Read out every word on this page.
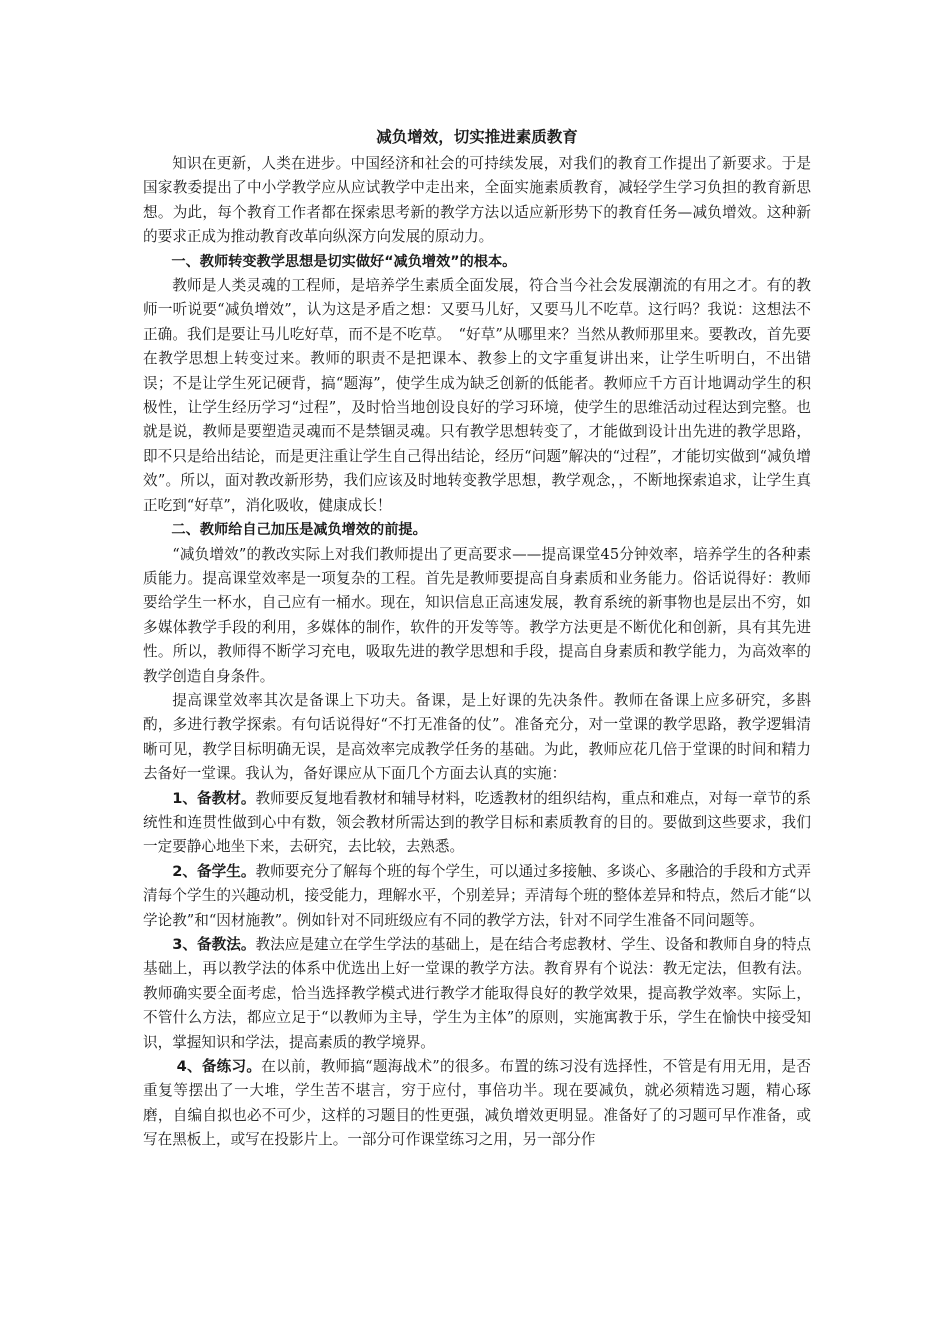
减负增效，切实推进素质教育

知识在更新，人类在进步。中国经济和社会的可持续发展，对我们的教育工作提出了新要求。于是国家教委提出了中小学教学应从应试教学中走出来，全面实施素质教育，减轻学生学习负担的教育新思想。为此，每个教育工作者都在探索思考新的教学方法以适应新形势下的教育任务—减负增效。这种新的要求正成为推动教育改革向纵深方向发展的原动力。

一、教师转变教学思想是切实做好“减负增效”的根本。

教师是人类灵魂的工程师，是培养学生素质全面发展，符合当今社会发展潮流的有用之才。有的教师一听说要“减负增效”，认为这是矛盾之想：又要马儿好，又要马儿不吃草。这行吗？我说：这想法不正确。我们是要让马儿吃好草，而不是不吃草。　“好草”从哪里来？当然从教师那里来。要教改，首先要在教学思想上转变过来。教师的职责不是把课本、教参上的文字重复讲出来，让学生听明白，不出错误；不是让学生死记硬背，搞“题海”，使学生成为缺乏创新的低能者。教师应千方百计地调动学生的积极性，让学生经历学习“过程”，及时恰当地创设良好的学习环境，使学生的思维活动过程达到完整。也就是说，教师是要塑造灵魂而不是禁锢灵魂。只有教学思想转变了，才能做到设计出先进的教学思路，即不只是给出结论，而是更注重让学生自己得出结论，经历“问题”解决的“过程”，才能切实做到“减负增效”。所以，面对教改新形势，我们应该及时地转变教学思想，教学观念，，不断地探索追求，让学生真正吃到“好草”，消化吸收，健康成长！

二、教师给自己加压是减负增效的前提。

“减负增效”的教改实际上对我们教师提出了更高要求——提高课堂45分钟效率，培养学生的各种素质能力。提高课堂效率是一项复杂的工程。首先是教师要提高自身素质和业务能力。俗话说得好：教师要给学生一杯水，自己应有一桶水。现在，知识信息正高速发展，教育系统的新事物也是层出不穷，如多媒体教学手段的利用，多媒体的制作，软件的开发等等。教学方法更是不断优化和创新，具有其先进性。所以，教师得不断学习充电，吸取先进的教学思想和手段，提高自身素质和教学能力，为高效率的教学创造自身条件。

提高课堂效率其次是备课上下功夫。备课，是上好课的先决条件。教师在备课上应多研究，多斟酌，多进行教学探索。有句话说得好“不打无准备的仗”。准备充分，对一堂课的教学思路，教学逻辑清晰可见，教学目标明确无误，是高效率完成教学任务的基础。为此，教师应花几倍于堂课的时间和精力去备好一堂课。我认为，备好课应从下面几个方面去认真的实施：

1、备教材。教师要反复地看教材和辅导材料，吃透教材的组织结构，重点和难点，对每一章节的系统性和连贯性做到心中有数，领会教材所需达到的教学目标和素质教育的目的。要做到这些要求，我们一定要静心地坐下来，去研究，去比较，去熟悉。

2、备学生。教师要充分了解每个班的每个学生，可以通过多接触、多谈心、多融洽的手段和方式弄清每个学生的兴趣动机，接受能力，理解水平，个别差异；弄清每个班的整体差异和特点，然后才能“以学论教”和“因材施教”。例如针对不同班级应有不同的教学方法，针对不同学生准备不同问题等。

3、备教法。教法应是建立在学生学法的基础上，是在结合考虑教材、学生、设备和教师自身的特点基础上，再以教学法的体系中优选出上好一堂课的教学方法。教育界有个说法：教无定法，但教有法。教师确实要全面考虑，恰当选择教学模式进行教学才能取得良好的教学效果，提高教学效率。实际上，不管什么方法，都应立足于“以教师为主导，学生为主体”的原则，实施寓教于乐，学生在愉快中接受知识，掌握知识和学法，提高素质的教学境界。

4、备练习。在以前，教师搞“题海战术”的很多。布置的练习没有选择性，不管是有用无用，是否重复等摆出了一大堆，学生苦不堪言，穷于应付，事倍功半。现在要减负，就必须精选习题，精心琢磨，自编自拟也必不可少，这样的习题目的性更强，减负增效更明显。准备好了的习题可早作准备，或写在黑板上，或写在投影片上。一部分可作课堂练习之用，另一部分作
